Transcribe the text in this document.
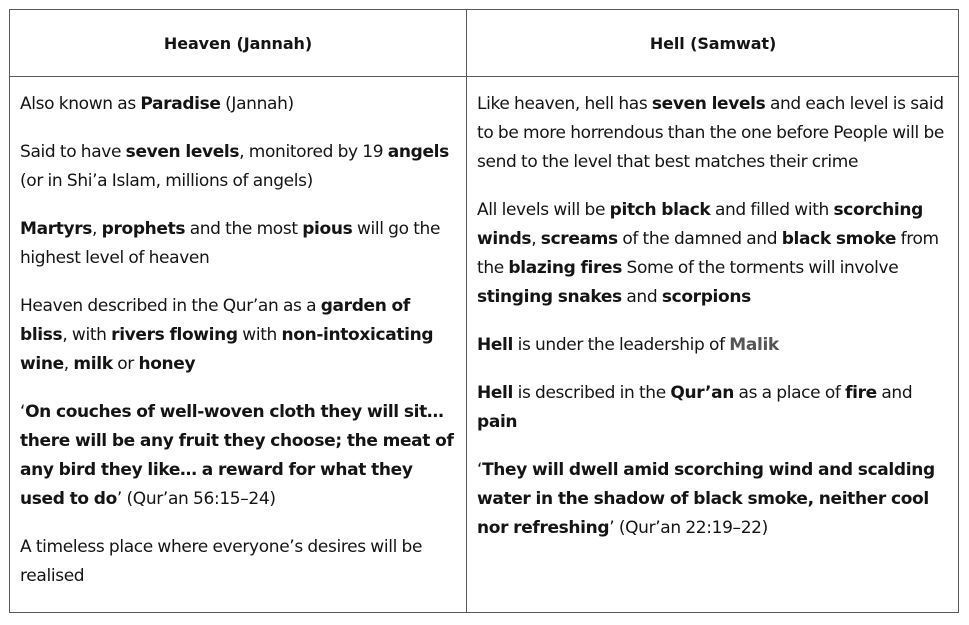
Heaven (Jannah)	Hell (Samwat)

Also known as Paradise (Jannah)

Said to have seven levels, monitored by 19 angels (or in Shi’a Islam, millions of angels)

Martyrs, prophets and the most pious will go the highest level of heaven

Heaven described in the Qur’an as a garden of bliss, with rivers flowing with non-intoxicating wine, milk or honey

‘On couches of well-woven cloth they will sit… there will be any fruit they choose; the meat of any bird they like… a reward for what they used to do’ (Qur’an 56:15–24)

A timeless place where everyone’s desires will be realised

Like heaven, hell has seven levels and each level is said to be more horrendous than the one before People will be send to the level that best matches their crime

All levels will be pitch black and filled with scorching winds, screams of the damned and black smoke from the blazing fires Some of the torments will involve stinging snakes and scorpions

Hell is under the leadership of Malik

Hell is described in the Qur’an as a place of fire and pain

‘They will dwell amid scorching wind and scalding water in the shadow of black smoke, neither cool nor refreshing’ (Qur’an 22:19–22)
